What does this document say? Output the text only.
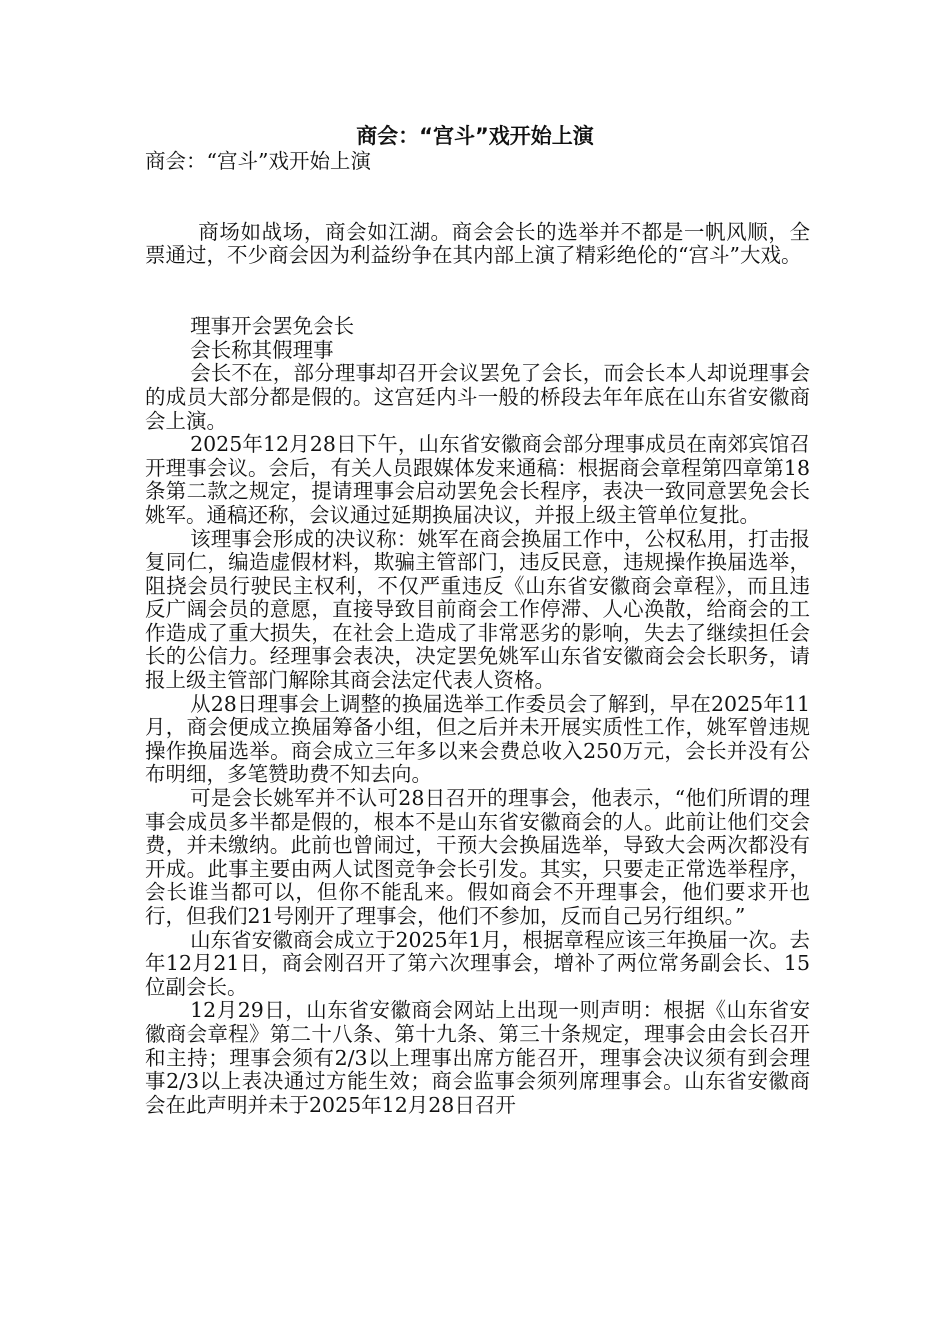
商会：“宫斗”戏开始上演

商会：“宫斗”戏开始上演

商场如战场，商会如江湖。商会会长的选举并不都是一帆风顺，全票通过，不少商会因为利益纷争在其内部上演了精彩绝伦的“宫斗”大戏。

理事开会罢免会长

会长称其假理事

会长不在，部分理事却召开会议罢免了会长，而会长本人却说理事会的成员大部分都是假的。这宫廷内斗一般的桥段去年年底在山东省安徽商会上演。

2025年12月28日下午，山东省安徽商会部分理事成员在南郊宾馆召开理事会议。会后，有关人员跟媒体发来通稿：根据商会章程第四章第18条第二款之规定，提请理事会启动罢免会长程序，表决一致同意罢免会长姚军。通稿还称，会议通过延期换届决议，并报上级主管单位复批。

该理事会形成的决议称：姚军在商会换届工作中，公权私用，打击报复同仁，编造虚假材料，欺骗主管部门，违反民意，违规操作换届选举，阻挠会员行驶民主权利，不仅严重违反《山东省安徽商会章程》，而且违反广阔会员的意愿，直接导致目前商会工作停滞、人心涣散，给商会的工作造成了重大损失，在社会上造成了非常恶劣的影响，失去了继续担任会长的公信力。经理事会表决，决定罢免姚军山东省安徽商会会长职务，请报上级主管部门解除其商会法定代表人资格。

从28日理事会上调整的换届选举工作委员会了解到，早在2025年11月，商会便成立换届筹备小组，但之后并未开展实质性工作，姚军曾违规操作换届选举。商会成立三年多以来会费总收入250万元，会长并没有公布明细，多笔赞助费不知去向。

可是会长姚军并不认可28日召开的理事会，他表示，“他们所谓的理事会成员多半都是假的，根本不是山东省安徽商会的人。此前让他们交会费，并未缴纳。此前也曾闹过，干预大会换届选举，导致大会两次都没有开成。此事主要由两人试图竞争会长引发。其实，只要走正常选举程序，会长谁当都可以，但你不能乱来。假如商会不开理事会，他们要求开也行，但我们21号刚开了理事会，他们不参加，反而自己另行组织。”

山东省安徽商会成立于2025年1月，根据章程应该三年换届一次。去年12月21日，商会刚召开了第六次理事会，增补了两位常务副会长、15位副会长。

12月29日，山东省安徽商会网站上出现一则声明：根据《山东省安徽商会章程》第二十八条、第十九条、第三十条规定，理事会由会长召开和主持；理事会须有2/3以上理事出席方能召开，理事会决议须有到会理事2/3以上表决通过方能生效；商会监事会须列席理事会。山东省安徽商会在此声明并未于2025年12月28日召开
